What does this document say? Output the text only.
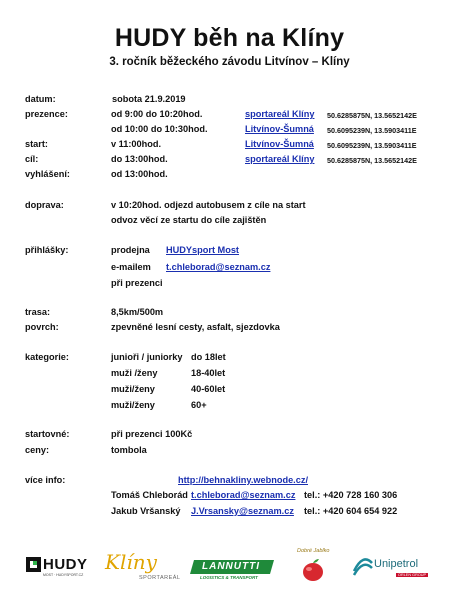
HUDY běh na Klíny
3. ročník běžeckého závodu Litvínov – Klíny
datum:	sobota 21.9.2019
prezence:	od 9:00 do 10:20hod.	sportareál Klíny 50.6285875N, 13.5652142E
od 10:00 do 10:30hod.	Litvínov-Šumná 50.6095239N, 13.5903411E
start:	v 11:00hod.	Litvínov-Šumná 50.6095239N, 13.5903411E
cíl:	do 13:00hod.	sportareál Klíny 50.6285875N, 13.5652142E
vyhlášení:	od 13:00hod.
doprava:	v 10:20hod. odjezd autobusem z cíle na start
odvoz věcí ze startu do cíle zajištěn
přihlášky:	prodejna HUDYsport Most
e-mailem t.chleborad@seznam.cz
při prezenci
trasa:	8,5km/500m
povrch:	zpevněné lesní cesty, asfalt, sjezdovka
kategorie:	junioři / juniorky do 18let
muži /ženy	18-40let
muži/ženy	40-60let
muži/ženy	60+
startovné:	při prezenci 100Kč
ceny:	tombola
více info:	http://behnakliny.webnode.cz/
Tomáš Chleborád t.chleborad@seznam.cz tel.: +420 728 160 306
Jakub Vršanský J.Vrsansky@seznam.cz tel.: +420 604 654 922
HUDY
MOST · HUDYSPORT.CZ
Klíny
SPORTAREÁL
LANNUTTI
LOGISTICS & TRANSPORT
Dobré Jablko
Unipetrol
ORLEN GROUP
